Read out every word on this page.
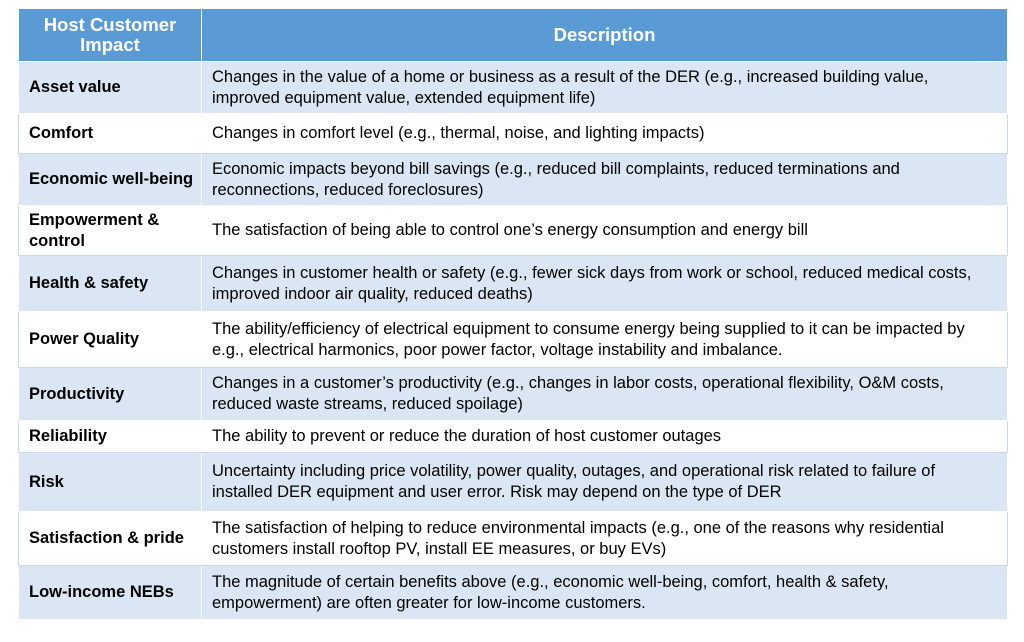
Host Customer Impact	Description
Asset value	Changes in the value of a home or business as a result of the DER (e.g., increased building value, improved equipment value, extended equipment life)
Comfort	Changes in comfort level (e.g., thermal, noise, and lighting impacts)
Economic well-being	Economic impacts beyond bill savings (e.g., reduced bill complaints, reduced terminations and reconnections, reduced foreclosures)
Empowerment & control	The satisfaction of being able to control one’s energy consumption and energy bill
Health & safety	Changes in customer health or safety (e.g., fewer sick days from work or school, reduced medical costs, improved indoor air quality, reduced deaths)
Power Quality	The ability/efficiency of electrical equipment to consume energy being supplied to it can be impacted by e.g., electrical harmonics, poor power factor, voltage instability and imbalance.
Productivity	Changes in a customer’s productivity (e.g., changes in labor costs, operational flexibility, O&M costs, reduced waste streams, reduced spoilage)
Reliability	The ability to prevent or reduce the duration of host customer outages
Risk	Uncertainty including price volatility, power quality, outages, and operational risk related to failure of installed DER equipment and user error. Risk may depend on the type of DER
Satisfaction & pride	The satisfaction of helping to reduce environmental impacts (e.g., one of the reasons why residential customers install rooftop PV, install EE measures, or buy EVs)
Low-income NEBs	The magnitude of certain benefits above (e.g., economic well-being, comfort, health & safety, empowerment) are often greater for low-income customers.
